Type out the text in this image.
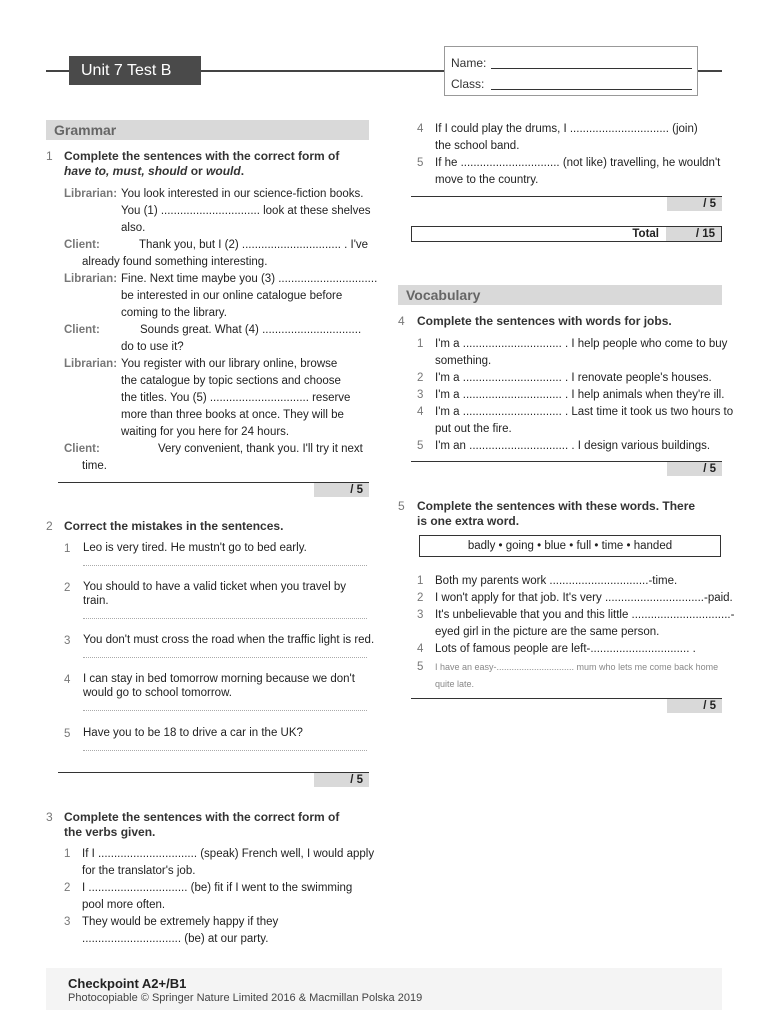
Unit 7 Test B	Name:
Class:
Grammar
1 Complete the sentences with the correct form of
have to, must, should or would.
Librarian: You look interested in our science-fiction books.
You (1) ............................... look at these shelves
also.
Client:	Thank you, but I (2) ............................... . I've
already found something interesting.
Librarian: Fine. Next time maybe you (3) ...............................
be interested in our online catalogue before
coming to the library.
Client:	Sounds great. What (4) ...............................
do to use it?
Librarian: You register with our library online, browse
the catalogue by topic sections and choose
the titles. You (5) ............................... reserve
more than three books at once. They will be
waiting for you here for 24 hours.
Client:	Very convenient, thank you. I'll try it next
time.
/ 5
2 Correct the mistakes in the sentences.
1	Leo is very tired. He mustn't go to bed early.
2	You should to have a valid ticket when you travel by
train.
3	You don't must cross the road when the traffic light is red.
4	I can stay in bed tomorrow morning because we don't
would go to school tomorrow.
5	Have you to be 18 to drive a car in the UK?
/ 5
3 Complete the sentences with the correct form of
the verbs given.
1	If I ............................... (speak) French well, I would apply
for the translator's job.
2	I ............................... (be) fit if I went to the swimming
pool more often.
3	They would be extremely happy if they
............................... (be) at our party.
4	If I could play the drums, I ............................... (join)
the school band.
5	If he ............................... (not like) travelling, he wouldn't
move to the country.
/ 5
Total	/ 15
Vocabulary
4 Complete the sentences with words for jobs.
1	I'm a ............................... . I help people who come to buy
something.
2	I'm a ............................... . I renovate people's houses.
3	I'm a ............................... . I help animals when they're ill.
4	I'm a ............................... . Last time it took us two hours to
put out the fire.
5	I'm an ............................... . I design various buildings.
/ 5
5 Complete the sentences with these words. There
is one extra word.
badly • going • blue • full • time • handed
1	Both my parents work ...............................-time.
2	I won't apply for that job. It's very ...............................-paid.
3	It's unbelievable that you and this little ...............................-
eyed girl in the picture are the same person.
4	Lots of famous people are left-............................... .
5	I have an easy-............................... mum who lets me come back home
quite late.
/ 5
Checkpoint A2+/B1
Photocopiable © Springer Nature Limited 2016 & Macmillan Polska 2019
